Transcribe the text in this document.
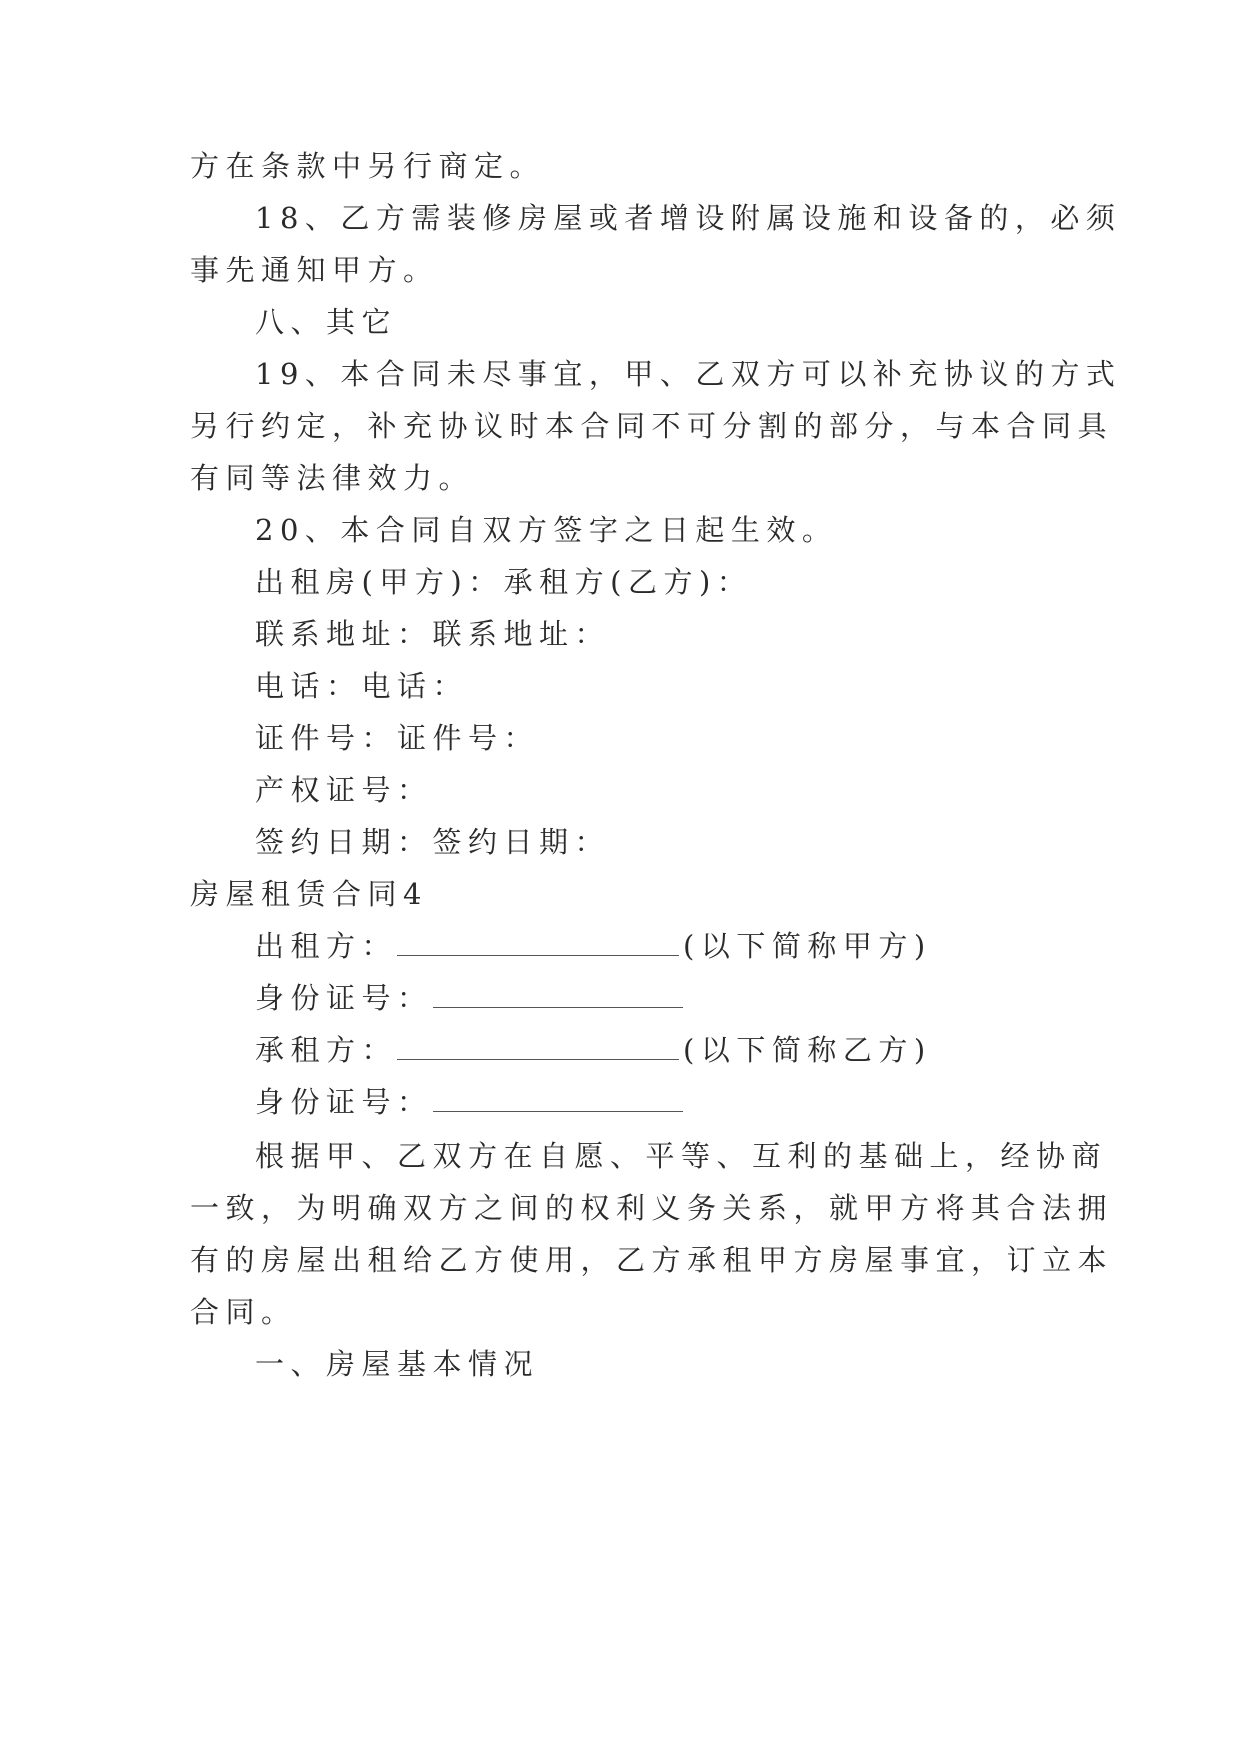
方在条款中另行商定。
18、乙方需装修房屋或者增设附属设施和设备的，必须
事先通知甲方。
八、其它
19、本合同未尽事宜，甲、乙双方可以补充协议的方式
另行约定，补充协议时本合同不可分割的部分，与本合同具
有同等法律效力。
20、本合同自双方签字之日起生效。
出租房(甲方)：承租方(乙方)：
联系地址：联系地址：
电话：电话：
证件号：证件号：
产权证号：
签约日期：签约日期：
房屋租赁合同4
出租方：	(以下简称甲方)
身份证号：
承租方：	(以下简称乙方)
身份证号：
根据甲、乙双方在自愿、平等、互利的基础上，经协商
一致，为明确双方之间的权利义务关系，就甲方将其合法拥
有的房屋出租给乙方使用，乙方承租甲方房屋事宜，订立本
合同。
一、房屋基本情况
